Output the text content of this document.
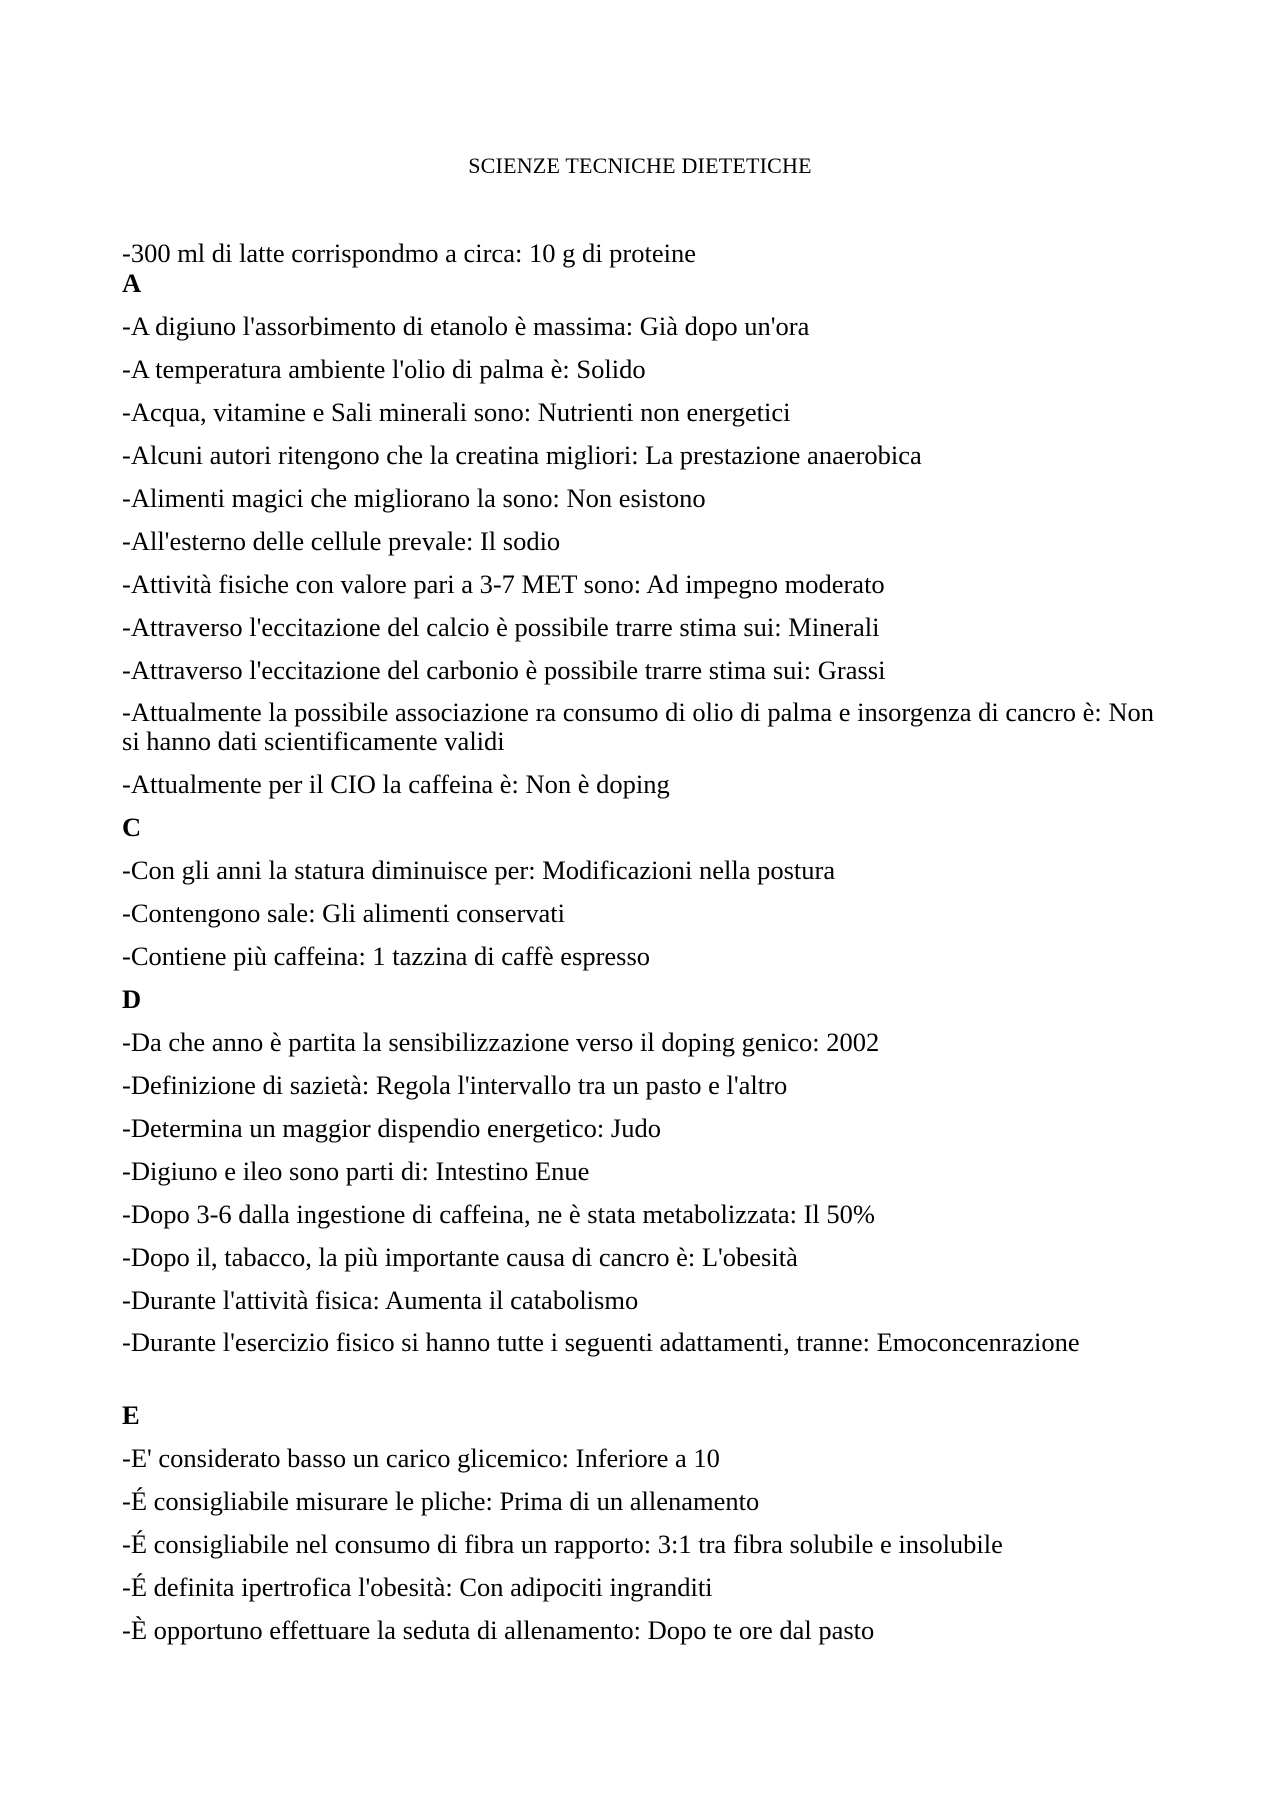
SCIENZE TECNICHE DIETETICHE
-300 ml di latte corrispondmo a circa: 10 g di proteine
A
-A digiuno l'assorbimento di etanolo è massima: Già dopo un'ora
-A temperatura ambiente l'olio di palma è: Solido
-Acqua, vitamine e Sali minerali sono: Nutrienti non energetici
-Alcuni autori ritengono che la creatina migliori: La prestazione anaerobica
-Alimenti magici che migliorano la sono: Non esistono
-All'esterno delle cellule prevale: Il sodio
-Attività fisiche con valore pari a 3-7 MET sono: Ad impegno moderato
-Attraverso l'eccitazione del calcio è possibile trarre stima sui: Minerali
-Attraverso l'eccitazione del carbonio è possibile trarre stima sui: Grassi
-Attualmente la possibile associazione ra consumo di olio di palma e insorgenza di cancro è: Non si hanno dati scientificamente validi
-Attualmente per il CIO la caffeina è: Non è doping
C
-Con gli anni la statura diminuisce per: Modificazioni nella postura
-Contengono sale: Gli alimenti conservati
-Contiene più caffeina: 1 tazzina di caffè espresso
D
-Da che anno è partita la sensibilizzazione verso il doping genico: 2002
-Definizione di sazietà: Regola l'intervallo tra un pasto e l'altro
-Determina un maggior dispendio energetico: Judo
-Digiuno e ileo sono parti di: Intestino Enue
-Dopo 3-6 dalla ingestione di caffeina, ne è stata metabolizzata: Il 50%
-Dopo il, tabacco, la più importante causa di cancro è: L'obesità
-Durante l'attività fisica: Aumenta il catabolismo
-Durante l'esercizio fisico si hanno tutte i seguenti adattamenti, tranne: Emoconcenrazione
E
-E' considerato basso un carico glicemico: Inferiore a 10
-É consigliabile misurare le pliche: Prima di un allenamento
-É consigliabile nel consumo di fibra un rapporto: 3:1 tra fibra solubile e insolubile
-É definita ipertrofica l'obesità: Con adipociti ingranditi
-È opportuno effettuare la seduta di allenamento: Dopo te ore dal pasto
